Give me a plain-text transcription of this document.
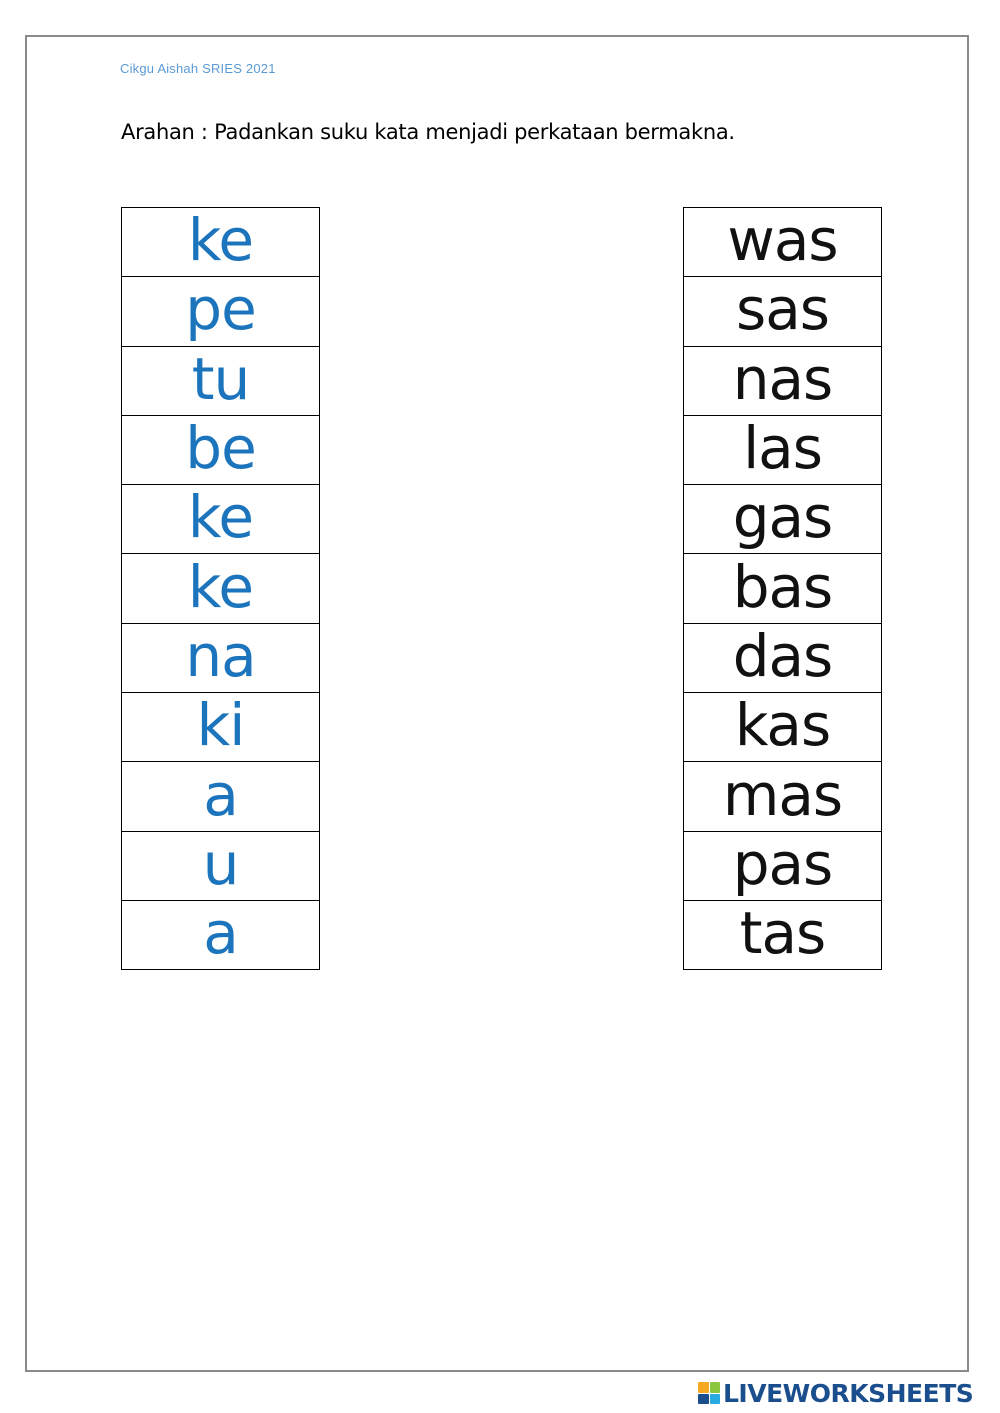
Cikgu Aishah SRIES 2021
Arahan : Padankan suku kata menjadi perkataan bermakna.
ke
pe
tu
be
ke
ke
na
ki
a
u
a
was
sas
nas
las
gas
bas
das
kas
mas
pas
tas
LIVEWORKSHEETS
